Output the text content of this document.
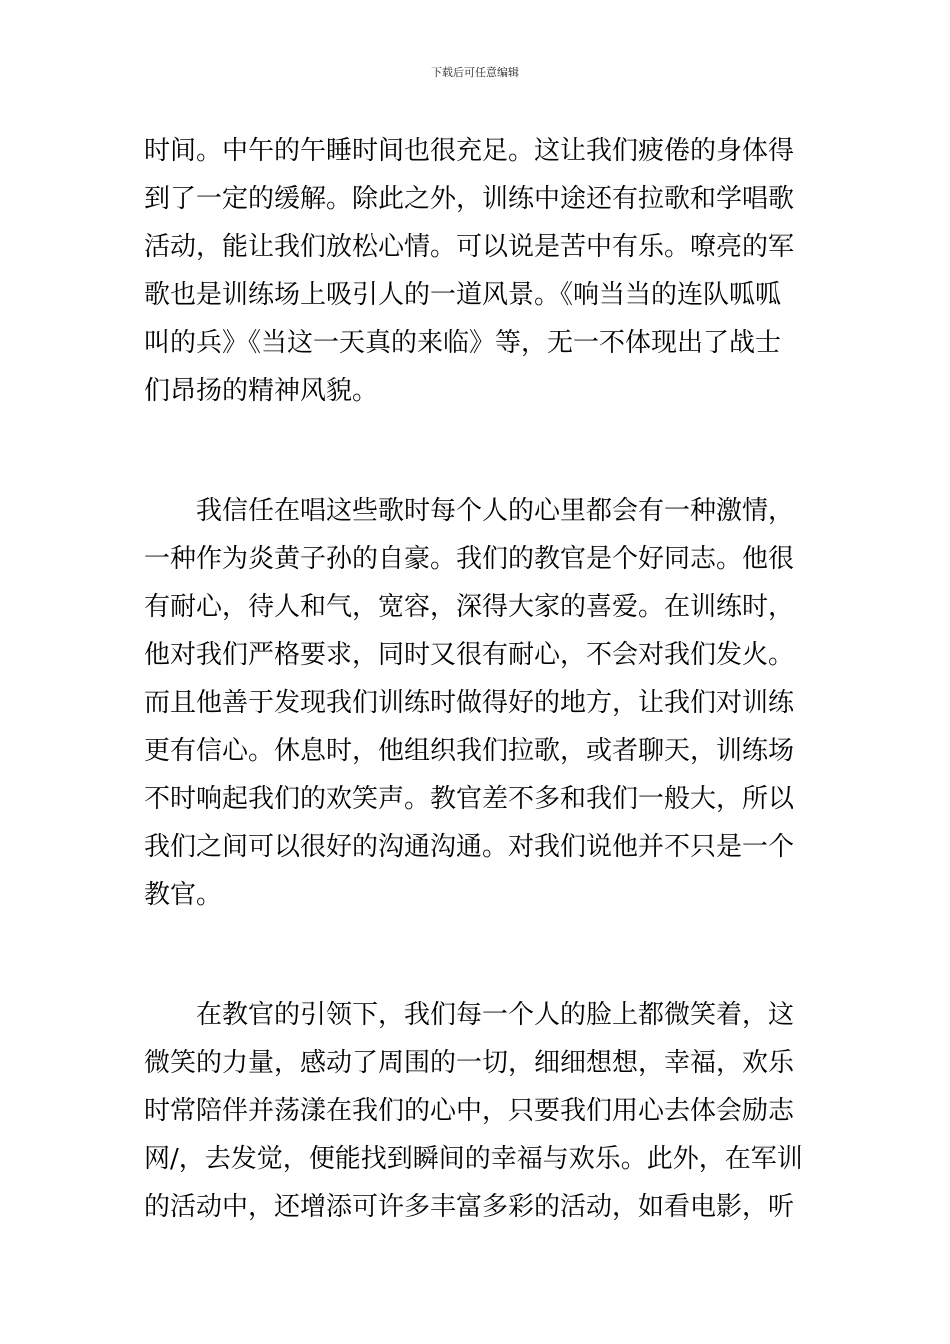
下载后可任意编辑

时间。中午的午睡时间也很充足。这让我们疲倦的身体得
到了一定的缓解。除此之外，训练中途还有拉歌和学唱歌
活动，能让我们放松心情。可以说是苦中有乐。嘹亮的军
歌也是训练场上吸引人的一道风景。《响当当的连队呱呱
叫的兵》《当这一天真的来临》等，无一不体现出了战士
们昂扬的精神风貌。
我信任在唱这些歌时每个人的心里都会有一种激情，
一种作为炎黄子孙的自豪。我们的教官是个好同志。他很
有耐心，待人和气，宽容，深得大家的喜爱。在训练时，
他对我们严格要求，同时又很有耐心，不会对我们发火。
而且他善于发现我们训练时做得好的地方，让我们对训练
更有信心。休息时，他组织我们拉歌，或者聊天，训练场
不时响起我们的欢笑声。教官差不多和我们一般大，所以
我们之间可以很好的沟通沟通。对我们说他并不只是一个
教官。
在教官的引领下，我们每一个人的脸上都微笑着，这
微笑的力量，感动了周围的一切，细细想想，幸福，欢乐
时常陪伴并荡漾在我们的心中，只要我们用心去体会励志
网/，去发觉，便能找到瞬间的幸福与欢乐。此外，在军训
的活动中，还增添可许多丰富多彩的活动，如看电影，听
